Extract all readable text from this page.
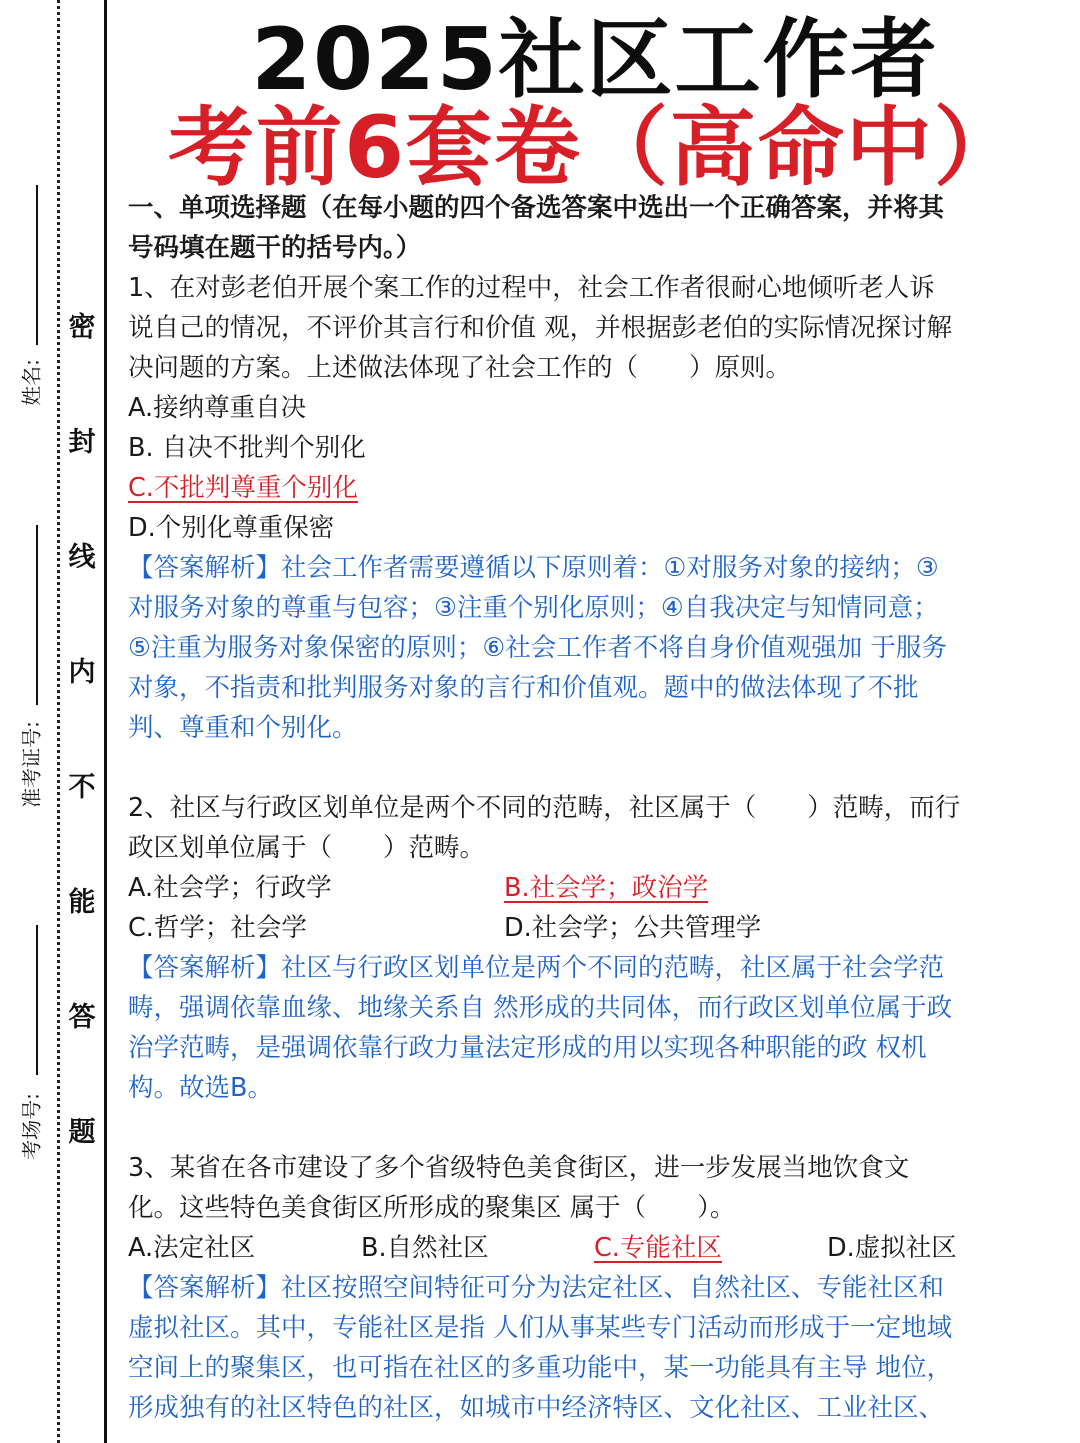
密
封
线
内
不
能
答
题
姓名:
准考证号:
考场号:
2025社区工作者
考前6套卷（高命中）

一、单项选择题（在每小题的四个备选答案中选出一个正确答案，并将其

号码填在题干的括号内。）

1、在对彭老伯开展个案工作的过程中，社会工作者很耐心地倾听老人诉

说自己的情况，不评价其言行和价值 观，并根据彭老伯的实际情况探讨解

决问题的方案。上述做法体现了社会工作的（　　）原则。

A.接纳尊重自决

B. 自决不批判个别化

C.不批判尊重个别化

D.个别化尊重保密

【答案解析】社会工作者需要遵循以下原则着：①对服务对象的接纳；③

对服务对象的尊重与包容；③注重个别化原则；④自我决定与知情同意；

⑤注重为服务对象保密的原则；⑥社会工作者不将自身价值观强加 于服务

对象，不指责和批判服务对象的言行和价值观。题中的做法体现了不批

判、尊重和个别化。

2、社区与行政区划单位是两个不同的范畴，社区属于（　　）范畴，而行

政区划单位属于（　　）范畴。

A.社会学；行政学	B.社会学；政治学
C.哲学；社会学	D.社会学；公共管理学

【答案解析】社区与行政区划单位是两个不同的范畴，社区属于社会学范

畴，强调依靠血缘、地缘关系自 然形成的共同体，而行政区划单位属于政

治学范畴，是强调依靠行政力量法定形成的用以实现各种职能的政 权机

构。故选B。

3、某省在各市建设了多个省级特色美食街区，进一步发展当地饮食文

化。这些特色美食街区所形成的聚集区 属于（　　）。

A.法定社区	B.自然社区	C.专能社区	D.虚拟社区

【答案解析】社区按照空间特征可分为法定社区、自然社区、专能社区和

虚拟社区。其中，专能社区是指 人们从事某些专门活动而形成于一定地域

空间上的聚集区，也可指在社区的多重功能中，某一功能具有主导 地位，

形成独有的社区特色的社区，如城市中经济特区、文化社区、工业社区、
